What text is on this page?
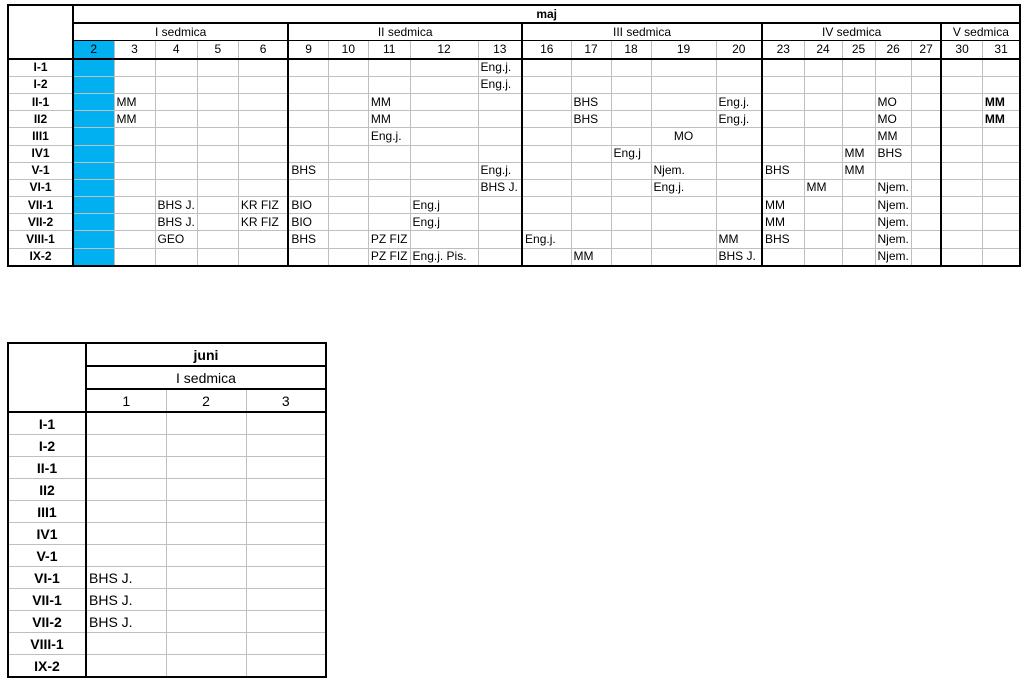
	maj																					
	I sedmica					II sedmica					III sedmica					IV sedmica					V sedmica	
	2	3	4	5	6	9	10	11	12	13	16	17	18	19	20	23	24	25	26	27	30	31
I-1										Eng.j.												
I-2										Eng.j.												
II-1		MM						MM				BHS			Eng.j.				MO			MM
II2		MM						MM				BHS			Eng.j.				MO			MM
III1								Eng.j.						MO					MM			
IV1													Eng.j					MM	BHS			
V-1						BHS				Eng.j.				Njem.		BHS		MM				
VI-1										BHS J.				Eng.j.			MM		Njem.			
VII-1			BHS J.		KR FIZ	BIO			Eng.j							MM			Njem.			
VII-2			BHS J.		KR FIZ	BIO			Eng.j							MM			Njem.			
VIII-1			GEO			BHS		PZ FIZ			Eng.j.				MM	BHS			Njem.			
IX-2								PZ FIZ	Eng.j. Pis.			MM			BHS J.				Njem.			
	juni		
	I sedmica		
	1	2	3
I-1			
I-2			
II-1			
II2			
III1			
IV1			
V-1			
VI-1	BHS J.		
VII-1	BHS J.		
VII-2	BHS J.		
VIII-1			
IX-2			
